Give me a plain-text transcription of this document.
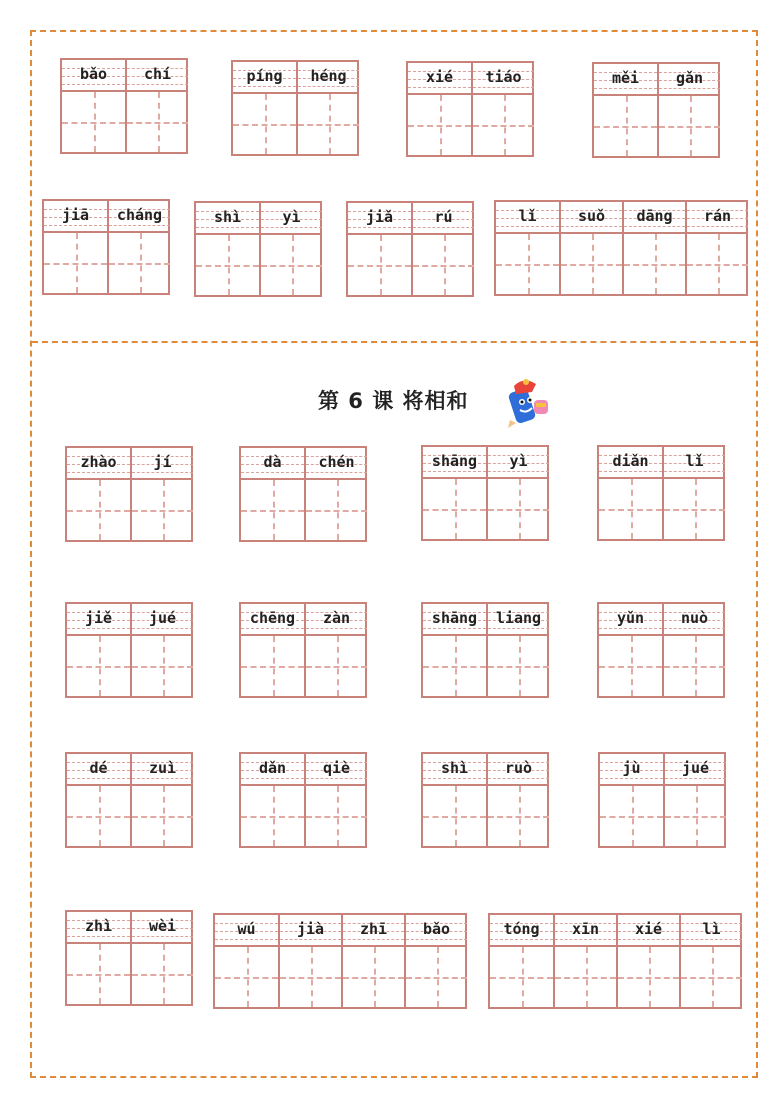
第 6 课 将相和
bǎo	chí	píng	héng	xié	tiáo	měi	gǎn
jiā	cháng	shì	yì	jiǎ	rú	lǐ	suǒ	dāng	rán
zhào	jí	dà	chén	shāng	yì	diǎn	lǐ
jiě	jué	chēng	zàn	shāng	liang	yǔn	nuò
dé	zuì	dǎn	qiè	shì	ruò	jù	jué
zhì	wèi	wú	jià	zhī	bǎo	tóng	xīn	xié	lì
